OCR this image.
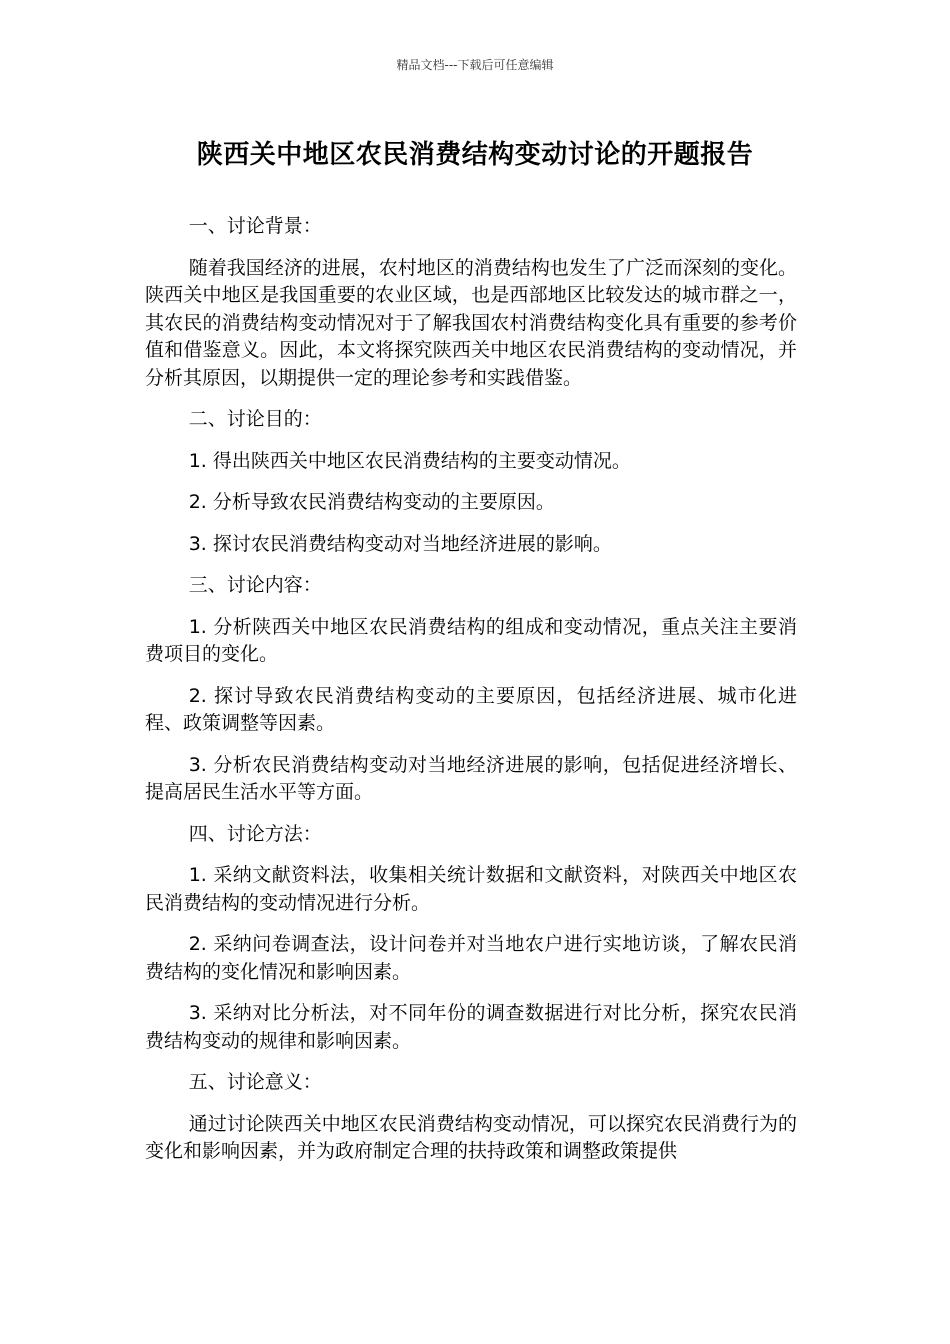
精品文档---下载后可任意编辑
陕西关中地区农民消费结构变动讨论的开题报告

一、讨论背景：

随着我国经济的进展，农村地区的消费结构也发生了广泛而深刻的变化。陕西关中地区是我国重要的农业区域，也是西部地区比较发达的城市群之一，其农民的消费结构变动情况对于了解我国农村消费结构变化具有重要的参考价值和借鉴意义。因此，本文将探究陕西关中地区农民消费结构的变动情况，并分析其原因，以期提供一定的理论参考和实践借鉴。

二、讨论目的：

1. 得出陕西关中地区农民消费结构的主要变动情况。

2. 分析导致农民消费结构变动的主要原因。

3. 探讨农民消费结构变动对当地经济进展的影响。

三、讨论内容：

1. 分析陕西关中地区农民消费结构的组成和变动情况，重点关注主要消费项目的变化。

2. 探讨导致农民消费结构变动的主要原因，包括经济进展、城市化进程、政策调整等因素。

3. 分析农民消费结构变动对当地经济进展的影响，包括促进经济增长、提高居民生活水平等方面。

四、讨论方法：

1. 采纳文献资料法，收集相关统计数据和文献资料，对陕西关中地区农民消费结构的变动情况进行分析。

2. 采纳问卷调查法，设计问卷并对当地农户进行实地访谈，了解农民消费结构的变化情况和影响因素。

3. 采纳对比分析法，对不同年份的调查数据进行对比分析，探究农民消费结构变动的规律和影响因素。

五、讨论意义：

通过讨论陕西关中地区农民消费结构变动情况，可以探究农民消费行为的变化和影响因素，并为政府制定合理的扶持政策和调整政策提供
